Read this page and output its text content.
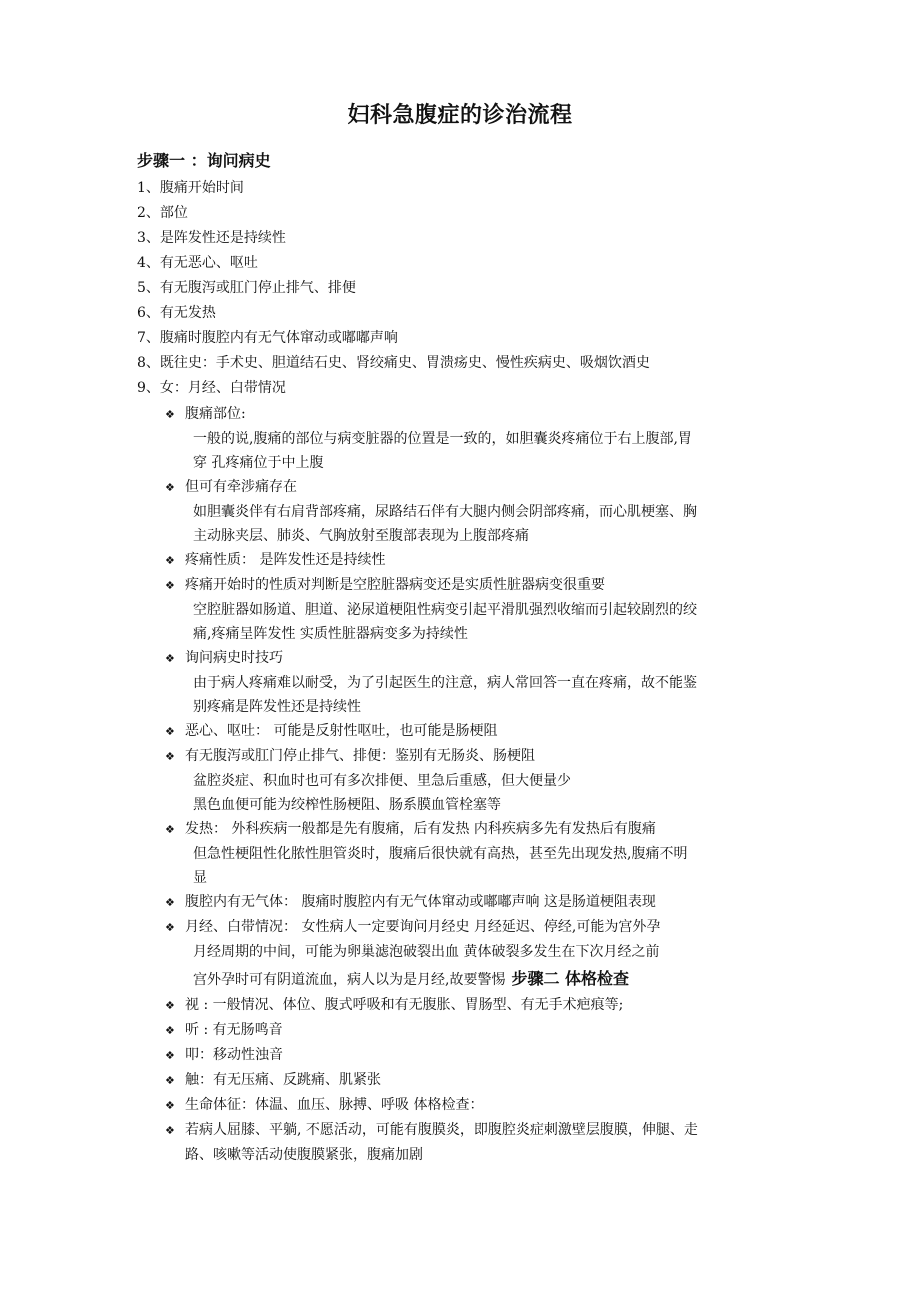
妇科急腹症的诊治流程
步骤一 ：询问病史
1、腹痛开始时间
2、部位
3、是阵发性还是持续性
4、有无恶心、呕吐
5、有无腹泻或肛门停止排气、排便
6、有无发热
7、腹痛时腹腔内有无气体窜动或嘟嘟声响
8、既往史：手术史、胆道结石史、肾绞痛史、胃溃疡史、慢性疾病史、吸烟饮酒史
9、女：月经、白带情况
❖ 腹痛部位:
一般的说,腹痛的部位与病变脏器的位置是一致的，如胆囊炎疼痛位于右上腹部,胃
穿 孔疼痛位于中上腹
❖ 但可有牵涉痛存在
如胆囊炎伴有右肩背部疼痛，尿路结石伴有大腿内侧会阴部疼痛，而心肌梗塞、胸
主动脉夹层、肺炎、气胸放射至腹部表现为上腹部疼痛
❖ 疼痛性质： 是阵发性还是持续性
❖ 疼痛开始时的性质对判断是空腔脏器病变还是实质性脏器病变很重要
空腔脏器如肠道、胆道、泌尿道梗阻性病变引起平滑肌强烈收缩而引起较剧烈的绞
痛,疼痛呈阵发性 实质性脏器病变多为持续性
❖ 询问病史时技巧
由于病人疼痛难以耐受，为了引起医生的注意，病人常回答一直在疼痛，故不能鉴
别疼痛是阵发性还是持续性
❖ 恶心、呕吐： 可能是反射性呕吐，也可能是肠梗阻
❖ 有无腹泻或肛门停止排气、排便：鉴别有无肠炎、肠梗阻
盆腔炎症、积血时也可有多次排便、里急后重感，但大便量少
黑色血便可能为绞榨性肠梗阻、肠系膜血管栓塞等
❖ 发热： 外科疾病一般都是先有腹痛，后有发热 内科疾病多先有发热后有腹痛
但急性梗阻性化脓性胆管炎时，腹痛后很快就有高热，甚至先出现发热,腹痛不明
显
❖ 腹腔内有无气体： 腹痛时腹腔内有无气体窜动或嘟嘟声响 这是肠道梗阻表现
❖ 月经、白带情况： 女性病人一定要询问月经史 月经延迟、停经,可能为宫外孕
月经周期的中间，可能为卵巢滤泡破裂出血 黄体破裂多发生在下次月经之前
宫外孕时可有阴道流血，病人以为是月经,故要警惕 步骤二 体格检查
❖ 视 : 一般情况、体位、腹式呼吸和有无腹胀、胃肠型、有无手术疤痕等;
❖ 听 : 有无肠鸣音
❖ 叩：移动性浊音
❖ 触：有无压痛、反跳痛、肌紧张
❖ 生命体征：体温、血压、脉搏、呼吸 体格检查：
❖ 若病人屈膝、平躺, 不愿活动，可能有腹膜炎，即腹腔炎症刺激壁层腹膜，伸腿、走
路、咳嗽等活动使腹膜紧张，腹痛加剧
